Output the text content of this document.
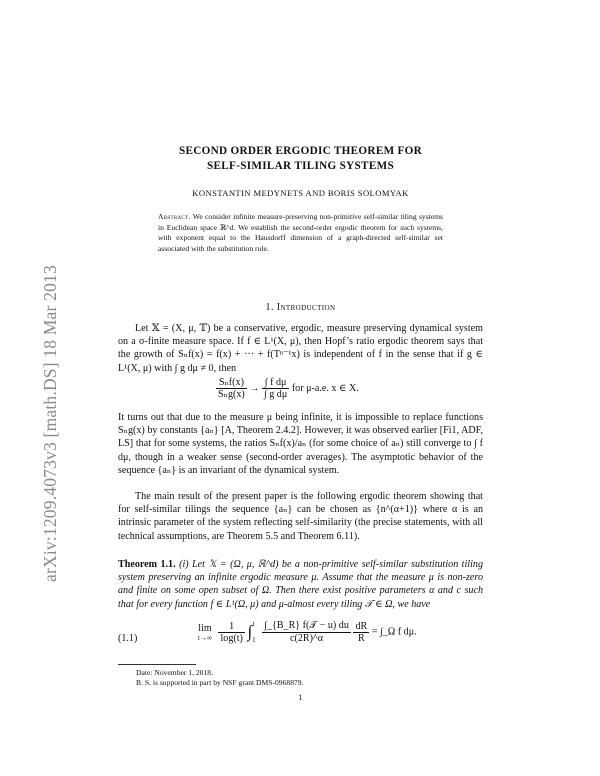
arXiv:1209.4073v3 [math.DS] 18 Mar 2013
SECOND ORDER ERGODIC THEOREM FOR
SELF-SIMILAR TILING SYSTEMS
KONSTANTIN MEDYNETS AND BORIS SOLOMYAK
Abstract. We consider infinite measure-preserving non-primitive self-similar tiling systems in Euclidean space ℝ^d. We establish the second-order ergodic theorem for such systems, with exponent equal to the Hausdorff dimension of a graph-directed self-similar set associated with the substitution rule.
1. Introduction
Let 𝕏 = (X, μ, 𝕋) be a conservative, ergodic, measure preserving dynamical system on a σ-finite measure space. If f ∈ L¹(X, μ), then Hopf’s ratio ergodic theorem says that the growth of Sₙf(x) = f(x) + ··· + f(Tⁿ⁻¹x) is independent of f in the sense that if g ∈ L¹(X, μ) with ∫ g dμ ≠ 0, then
$\frac{\text{Sₙf(x)}}{\text{Sₙg(x)}} \to \frac{\text{∫ f dμ}}{\text{∫ g dμ}}$ for μ-a.e. x ∈ X.
It turns out that due to the measure μ being infinite, it is impossible to replace functions Sₙg(x) by constants {aₙ} [A, Theorem 2.4.2]. However, it was observed earlier [Fi1, ADF, LS] that for some systems, the ratios Sₙf(x)/aₙ (for some choice of aₙ) still converge to ∫ f dμ, though in a weaker sense (second-order averages). The asymptotic behavior of the sequence {aₙ} is an invariant of the dynamical system.
The main result of the present paper is the following ergodic theorem showing that for self-similar tilings the sequence {aₙ} can be chosen as {n^(α+1)} where α is an intrinsic parameter of the system reflecting self-similarity (the precise statements, with all technical assumptions, are Theorem 5.5 and Theorem 6.11).
Theorem 1.1. (i) Let 𝕏 = (Ω, μ, ℝ^d) be a non-primitive self-similar substitution tiling system preserving an infinite ergodic measure μ. Assume that the measure μ is non-zero and finite on some open subset of Ω. Then there exist positive parameters α and c such that for every function f ∈ L¹(Ω, μ) and μ-almost every tiling 𝒯 ∈ Ω, we have
(1.1)
lim
t→∞
$\frac{1}{\log(t)}$ ∫ t
1
$\frac{\text{∫\_\{B\_R\} f(𝒯 − u) du}}{c(2R)\^{}\alpha}$
$\frac{dR}{R}$ = ∫_Ω f dμ.
Date: November 1, 2018.
B. S. is supported in part by NSF grant DMS-0968879.
1
